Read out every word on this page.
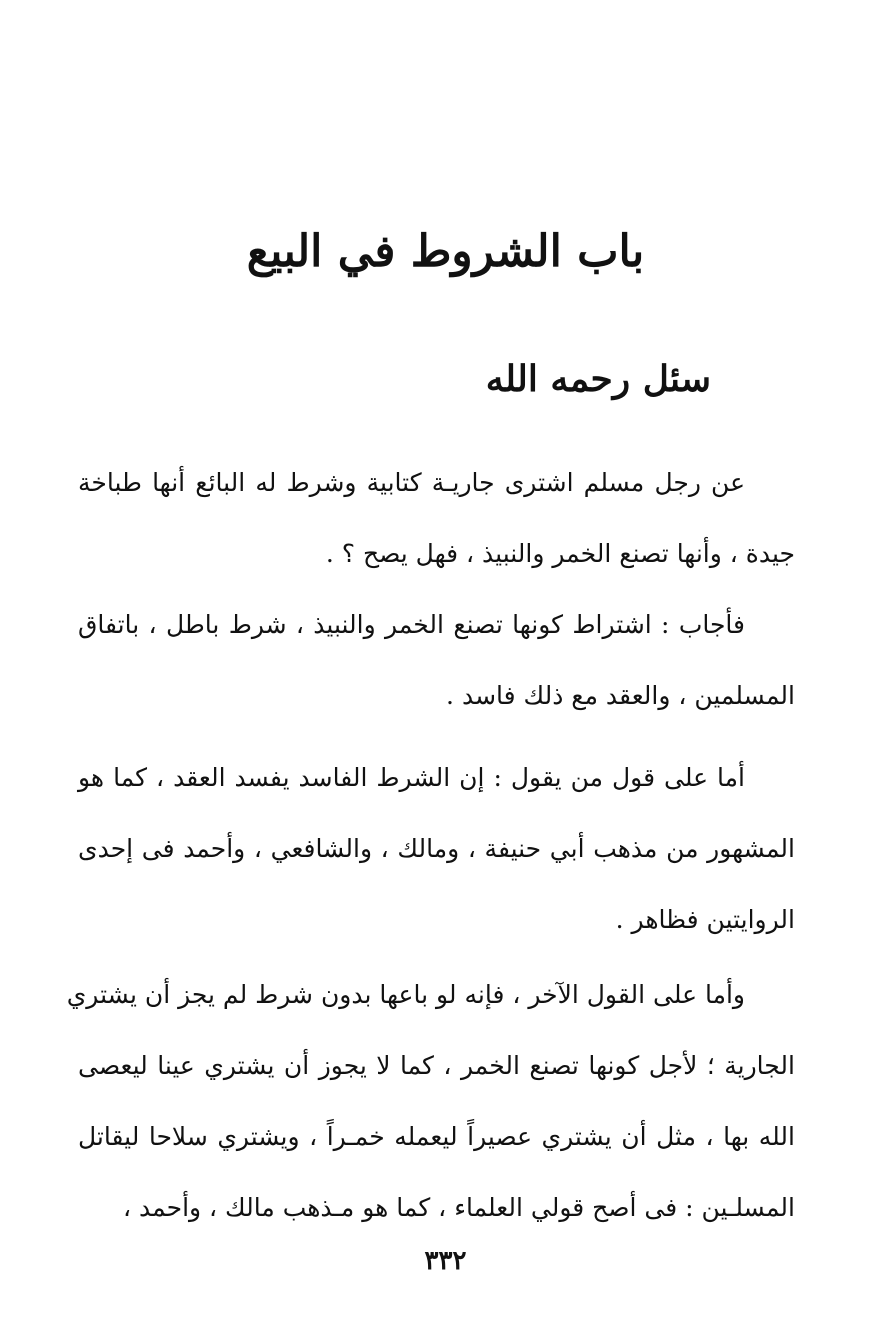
باب الشروط في البيع
سئل رحمه الله
عن رجل مسلم اشترى جاريـة كتابية وشرط له البائع أنها طباخة
جيدة ، وأنها تصنع الخمر والنبيذ ، فهل يصح ؟ .
فأجاب : اشتراط كونها تصنع الخمر والنبيذ ، شرط باطل ، باتفاق
المسلمين ، والعقد مع ذلك فاسد .
أما على قول من يقول : إن الشرط الفاسد يفسد العقد ، كما هو
المشهور من مذهب أبي حنيفة ، ومالك ، والشافعي ، وأحمد فى إحدى
الروايتين فظاهر .
وأما على القول الآخر ، فإنه لو باعها بدون شرط لم يجز أن يشتري
الجارية ؛ لأجل كونها تصنع الخمر ، كما لا يجوز أن يشتري عينا ليعصى
الله بها ، مثل أن يشتري عصيراً ليعمله خمـراً ، ويشتري سلاحا ليقاتل
المسلـين : فى أصح قولي العلماء ، كما هو مـذهب مالك ، وأحمد ،
٣٣٢
